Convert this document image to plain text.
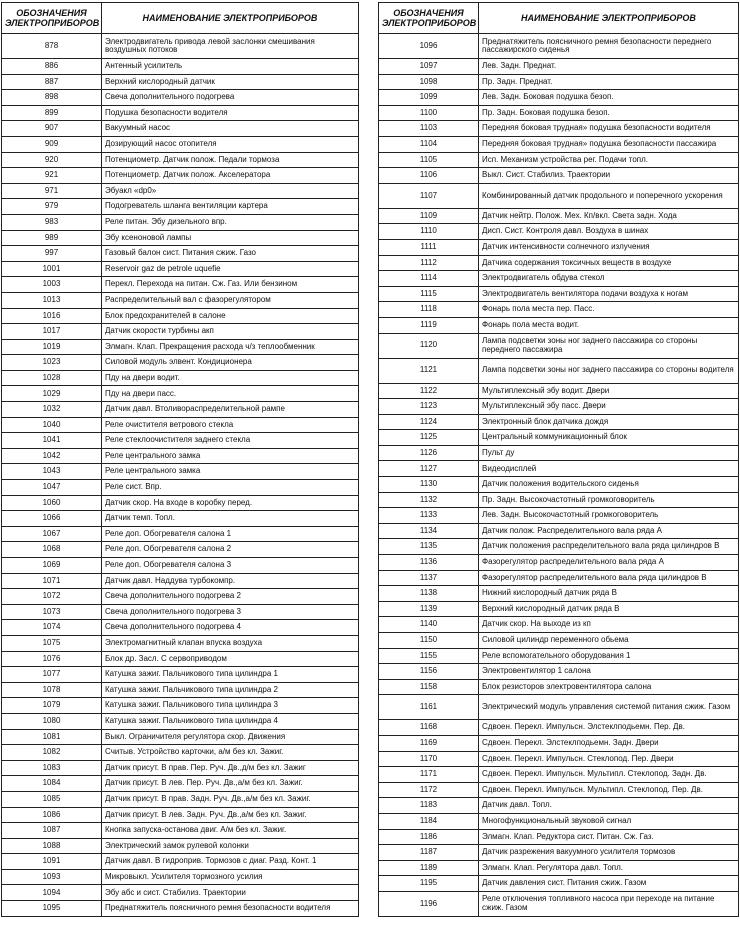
ОБОЗНАЧЕНИЯ ЭЛЕКТРОПРИБОРОВ	НАИМЕНОВАНИЕ ЭЛЕКТРОПРИБОРОВ
878	Электродвигатель привода левой заслонки смешивания воздушных потоков
886	Антенный усилитель
887	Верхний кислородный датчик
898	Свеча дополнительного подогрева
899	Подушка безопасности водителя
907	Вакуумный насос
909	Дозирующий насос отопителя
920	Потенциометр. Датчик полож. Педали тормоза
921	Потенциометр. Датчик полож. Акселератора
971	Эбуакл «dp0»
979	Подогреватель шланга вентиляции картера
983	Реле питан. Эбу дизельного впр.
989	Эбу ксеноновой лампы
997	Газовый балон сист. Питания сжиж. Газо
1001	Reservoir gaz de petrole uquefie
1003	Перекл. Перехода на питан. Сж. Газ. Или бензином
1013	Распределительный вал с фазорегулятором
1016	Блок предохранителей в салоне
1017	Датчик скорости турбины акп
1019	Элмагн. Клап. Прекращения расхода ч/з теплообменник
1023	Силовой модуль элвент. Кондиционера
1028	Пду на двери водит.
1029	Пду на двери пасс.
1032	Датчик давл. Втоливораспределительной рампе
1040	Реле очистителя ветрового стекла
1041	Реле стеклоочистителя заднего стекла
1042	Реле центрального замка
1043	Реле центрального замка
1047	Реле сист. Впр.
1060	Датчик скор. На входе в коробку перед.
1066	Датчик темп. Топл.
1067	Реле доп. Обогревателя салона 1
1068	Реле доп. Обогревателя салона 2
1069	Реле доп. Обогревателя салона 3
1071	Датчик давл. Наддува турбокомпр.
1072	Свеча дополнительного подогрева 2
1073	Свеча дополнительного подогрева 3
1074	Свеча дополнительного подогрева 4
1075	Электромагнитный клапан впуска воздуха
1076	Блок др. Засл. С сервоприводом
1077	Катушка зажиг. Пальчикового типа цилиндра 1
1078	Катушка зажиг. Пальчикового типа цилиндра 2
1079	Катушка зажиг. Пальчикового типа цилиндра 3
1080	Катушка зажиг. Пальчикового типа цилиндра 4
1081	Выкл. Ограничителя регулятора скор. Движения
1082	Считыв. Устройство карточки, а/м без кл. Зажиг.
1083	Датчик присут. В прав. Пер. Руч. Дв.,д/м без кл. Зажиг
1084	Датчик присут. В лев. Пер. Руч. Дв.,а/м без кл. Зажиг.
1085	Датчик присут. В прав. Задн. Руч. Дв.,а/м без кл. Зажиг.
1086	Датчик присут. В лев. Задн. Руч. Дв.,а/м без кл. Зажиг.
1087	Кнопка запуска-останова двиг. А/м без кл. Зажиг.
1088	Электрический замок рулевой колонки
1091	Датчик давл. В гидроприв. Тормозов с диаг. Разд. Конт. 1
1093	Микровыкл. Усилителя тормозного усилия
1094	Эбу абс и сист. Стабилиз. Траектории
1095	Преднатяжитель поясничного ремня безопасности водителя
ОБОЗНАЧЕНИЯ ЭЛЕКТРОПРИБОРОВ	НАИМЕНОВАНИЕ ЭЛЕКТРОПРИБОРОВ
1096	Преднатяжитель поясничного ремня безопасности переднего пассажирского сиденья
1097	Лев. Задн. Преднат.
1098	Пр. Задн. Преднат.
1099	Лев. Задн. Боковая подушка безоп.
1100	Пр. Задн. Боковая подушка безоп.
1103	Передняя боковая трудная» подушка безопасности водителя
1104	Передняя боковая трудная» подушка безопасности пассажира
1105	Исп. Механизм устройства рег. Подачи топл.
1106	Выкл. Сист. Стабилиз. Траектории
1107	Комбинированный датчик продольного и поперечного ускорения
1109	Датчик нейтр. Полож. Мех. Кп/вкл. Света задн. Хода
1110	Дисп. Сист. Контроля давл. Воздуха в шинах
1111	Датчик интенсивности солнечного излучения
1112	Датчика содержания токсичных веществ в воздухе
1114	Электродвигатель обдува стекол
1115	Электродвигатель вентилятора подачи воздуха к ногам
1118	Фонарь пола места пер. Пасс.
1119	Фонарь пола места водит.
1120	Лампа подсветки зоны ног заднего пассажира со стороны переднего пассажира
1121	Лампа подсветки зоны ног заднего пассажира со стороны водителя
1122	Мультиплексный эбу водит. Двери
1123	Мультиплексный эбу пасс. Двери
1124	Электронный блок датчика дождя
1125	Центральный коммуникационный блок
1126	Пульт ду
1127	Видеодисплей
1130	Датчик положения водительского сиденья
1132	Пр. Задн. Высокочастотный громкоговоритель
1133	Лев. Задн. Высокочастотный громкоговоритель
1134	Датчик полож. Распределительного вала ряда А
1135	Датчик положения распределительного вала ряда цилиндров В
1136	Фазорегулятор распределительного вала ряда А
1137	Фазорегулятор распределительного вала ряда цилиндров В
1138	Нижний кислородный датчик ряда В
1139	Верхний кислородный датчик ряда В
1140	Датчик скор. На выходе из кп
1150	Силовой цилиндр переменного обьема
1155	Реле вспомогательного оборудования 1
1156	Электровентилятор 1 салона
1158	Блок резисторов электровентилятора салона
1161	Электрический модуль управления системой питания сжиж. Газом
1168	Сдвоен. Перекл. Импульсн. Элстеклподьемн. Пер. Дв.
1169	Сдвоен. Перекл. Элстеклподьемн. Задн. Двери
1170	Сдвоен. Перекл. Импульсн. Стеклопод. Пер. Двери
1171	Сдвоен. Перекл. Импульсн. Мультипл. Стеклопод. Задн. Дв.
1172	Сдвоен. Перекл. Импульсн. Мультипл. Стеклопод. Пер. Дв.
1183	Датчик давл. Топл.
1184	Многофункциональный звуковой сигнал
1186	Элмагн. Клап. Редуктора сист. Питан. Сж. Газ.
1187	Датчик разрежения вакуумного усилителя тормозов
1189	Элмагн. Клап. Регулятора давл. Топл.
1195	Датчик давления сист. Питания сжиж. Газом
1196	Реле отключения топливного насоса при переходе на питание сжиж. Газом
